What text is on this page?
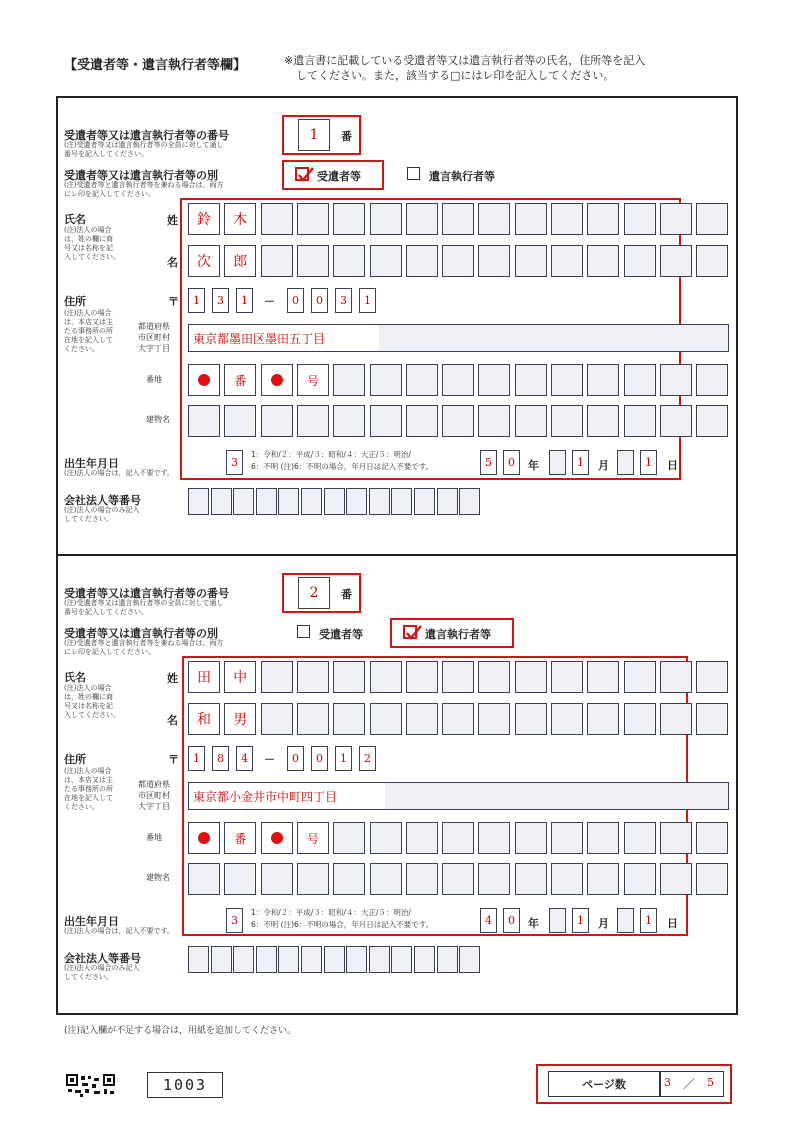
【受遺者等・遺言執行者等欄】	※遺言書に記載している受遺者等又は遺言執行者等の氏名，住所等を記入
してください。また，該当する□にはレ印を記入してください。
受遺者等又は遺言執行者等の番号
(注)受遺者等又は遺言執行者等の全員に対して通し
番号を記入してください。
1	番
受遺者等又は遺言執行者等の別
(注)受遺者等と遺言執行者等を兼ねる場合は，両方
にレ印を記入してください。
受遺者等	遺言執行者等
氏名
(注)法人の場合
は，姓の欄に商
号又は名称を記
入してください。
姓
名
鈴	木
次	郎
住所
(注)法人の場合
は，本店又は主
たる事務所の所
在地を記入して
ください。
〒	1	3	1	－	0	0	3	1
都道府県
市区町村
大字丁目
東京都墨田区墨田五丁目
番地	番	号
建物名
出生年月日
(注)法人の場合は，記入不要です。
3
1：令和/２：平成/３：昭和/４：大正/５：明治/
6：不明 (注)6：不明の場合，年月日は記入不要です。	5	0	年	1	月	1	日
会社法人等番号
(注)法人の場合のみ記入
してください。
受遺者等又は遺言執行者等の番号
(注)受遺者等又は遺言執行者等の全員に対して通し
番号を記入してください。
2	番
受遺者等又は遺言執行者等の別
(注)受遺者等と遺言執行者等を兼ねる場合は，両方
にレ印を記入してください。
受遺者等	遺言執行者等
氏名
(注)法人の場合
は，姓の欄に商
号又は名称を記
入してください。
姓
名
田	中
和	男
住所
(注)法人の場合
は，本店又は主
たる事務所の所
在地を記入して
ください。
〒	1	8	4	－	0	0	1	2
都道府県
市区町村
大字丁目
東京都小金井市中町四丁目
番地	番	号
建物名
出生年月日
(注)法人の場合は，記入不要です。
3
1：令和/２：平成/３：昭和/４：大正/５：明治/
6：不明 (注)6：不明の場合，年月日は記入不要です。	4	0	年	1	月	1	日
会社法人等番号
(注)法人の場合のみ記入
してください。
(注)記入欄が不足する場合は，用紙を追加してください。
1003	ページ数	3 ／ 5
